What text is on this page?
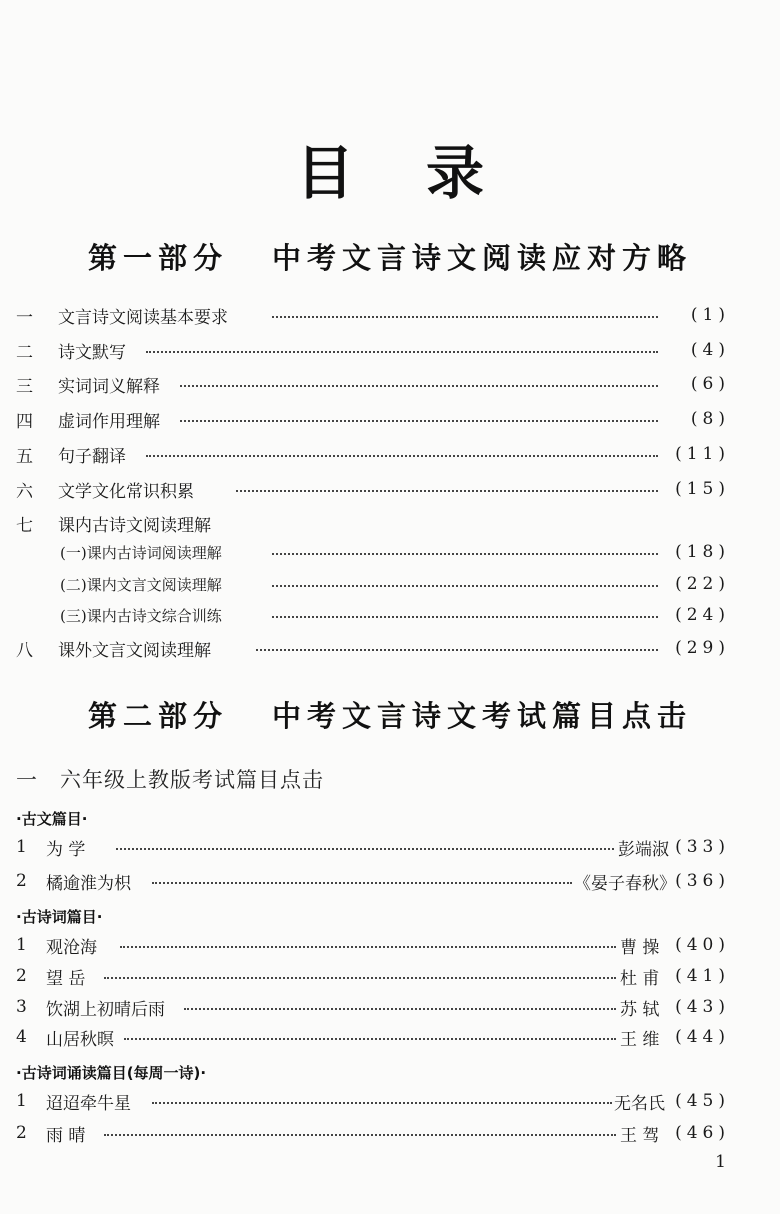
目录
第一部分 中考文言诗文阅读应对方略
一	文言诗文阅读基本要求	(1)
二	诗文默写	(4)
三	实词词义解释	(6)
四	虚词作用理解	(8)
五	句子翻译	(11)
六	文学文化常识积累	(15)
七	课内古诗文阅读理解
(一)课内古诗词阅读理解	(18)
(二)课内文言文阅读理解	(22)
(三)课内古诗文综合训练	(24)
八	课外文言文阅读理解	(29)
第二部分 中考文言诗文考试篇目点击
一 六年级上教版考试篇目点击
·古文篇目·
1	为 学	彭端淑 (33)
2	橘逾淮为枳	《晏子春秋》 (36)
·古诗词篇目·
1	观沧海	曹 操 (40)
2	望 岳	杜 甫 (41)
3	饮湖上初晴后雨	苏 轼 (43)
4	山居秋暝	王 维 (44)
·古诗词诵读篇目(每周一诗)·
1	迢迢牵牛星	无名氏 (45)
2	雨 晴	王 驾 (46)
1
